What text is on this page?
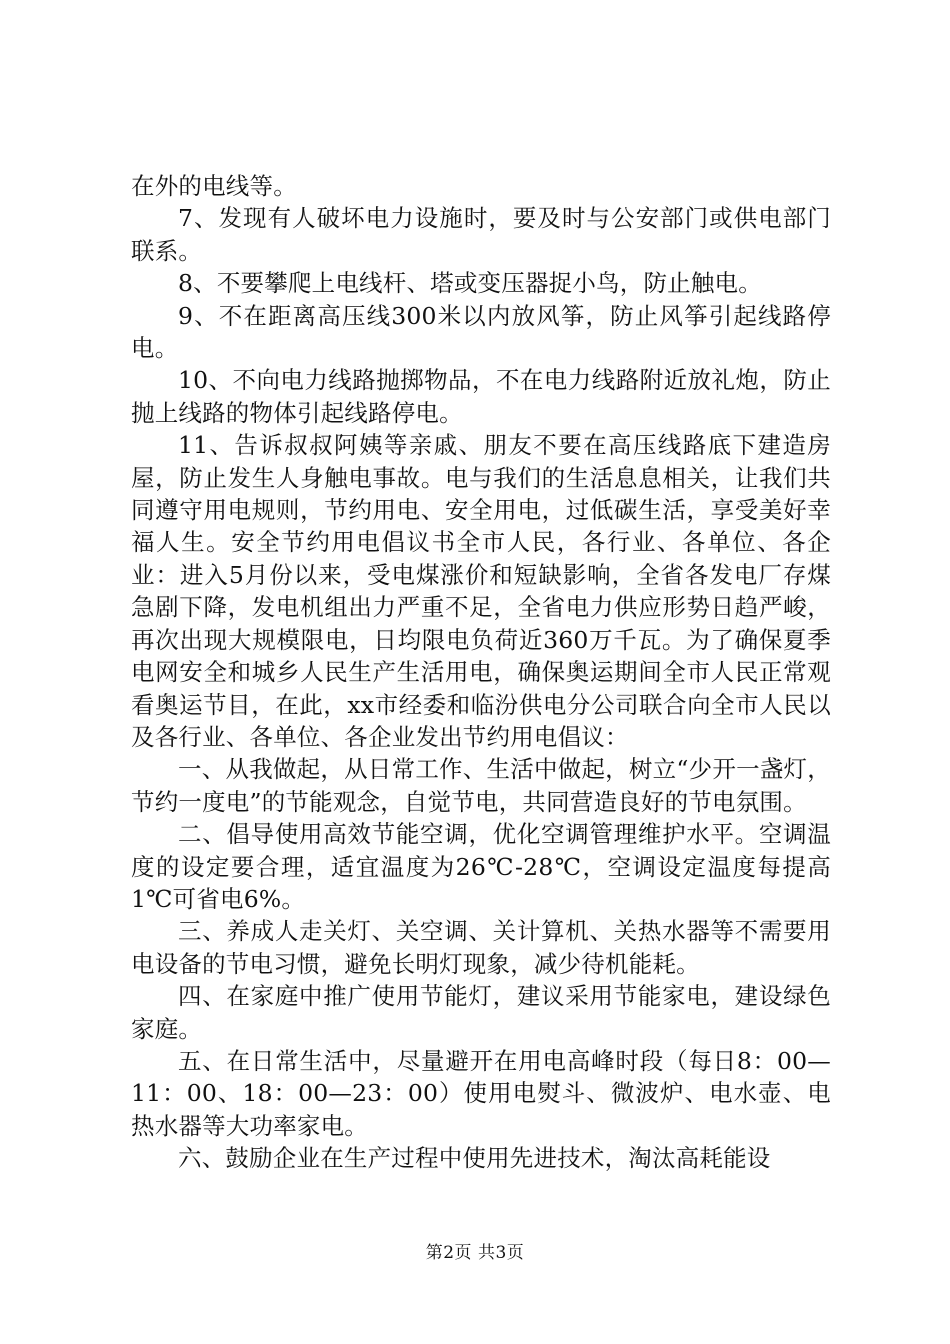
在外的电线等。

7、发现有人破坏电力设施时，要及时与公安部门或供电部门联系。

8、不要攀爬上电线杆、塔或变压器捉小鸟，防止触电。

9、不在距离高压线300米以内放风筝，防止风筝引起线路停电。

10、不向电力线路抛掷物品，不在电力线路附近放礼炮，防止抛上线路的物体引起线路停电。

11、告诉叔叔阿姨等亲戚、朋友不要在高压线路底下建造房屋，防止发生人身触电事故。电与我们的生活息息相关，让我们共同遵守用电规则，节约用电、安全用电，过低碳生活，享受美好幸福人生。安全节约用电倡议书全市人民，各行业、各单位、各企业：进入5月份以来，受电煤涨价和短缺影响，全省各发电厂存煤急剧下降，发电机组出力严重不足，全省电力供应形势日趋严峻，再次出现大规模限电，日均限电负荷近360万千瓦。为了确保夏季电网安全和城乡人民生产生活用电，确保奥运期间全市人民正常观看奥运节目，在此，xx市经委和临汾供电分公司联合向全市人民以及各行业、各单位、各企业发出节约用电倡议：

一、从我做起，从日常工作、生活中做起，树立“少开一盏灯，节约一度电”的节能观念，自觉节电，共同营造良好的节电氛围。

二、倡导使用高效节能空调，优化空调管理维护水平。空调温度的设定要合理，适宜温度为26℃-28℃，空调设定温度每提高1℃可省电6%。

三、养成人走关灯、关空调、关计算机、关热水器等不需要用电设备的节电习惯，避免长明灯现象，减少待机能耗。

四、在家庭中推广使用节能灯，建议采用节能家电，建设绿色家庭。

五、在日常生活中，尽量避开在用电高峰时段（每日8：00—11：00、18：00—23：00）使用电熨斗、微波炉、电水壶、电热水器等大功率家电。

六、鼓励企业在生产过程中使用先进技术，淘汰高耗能设

第2页 共3页
